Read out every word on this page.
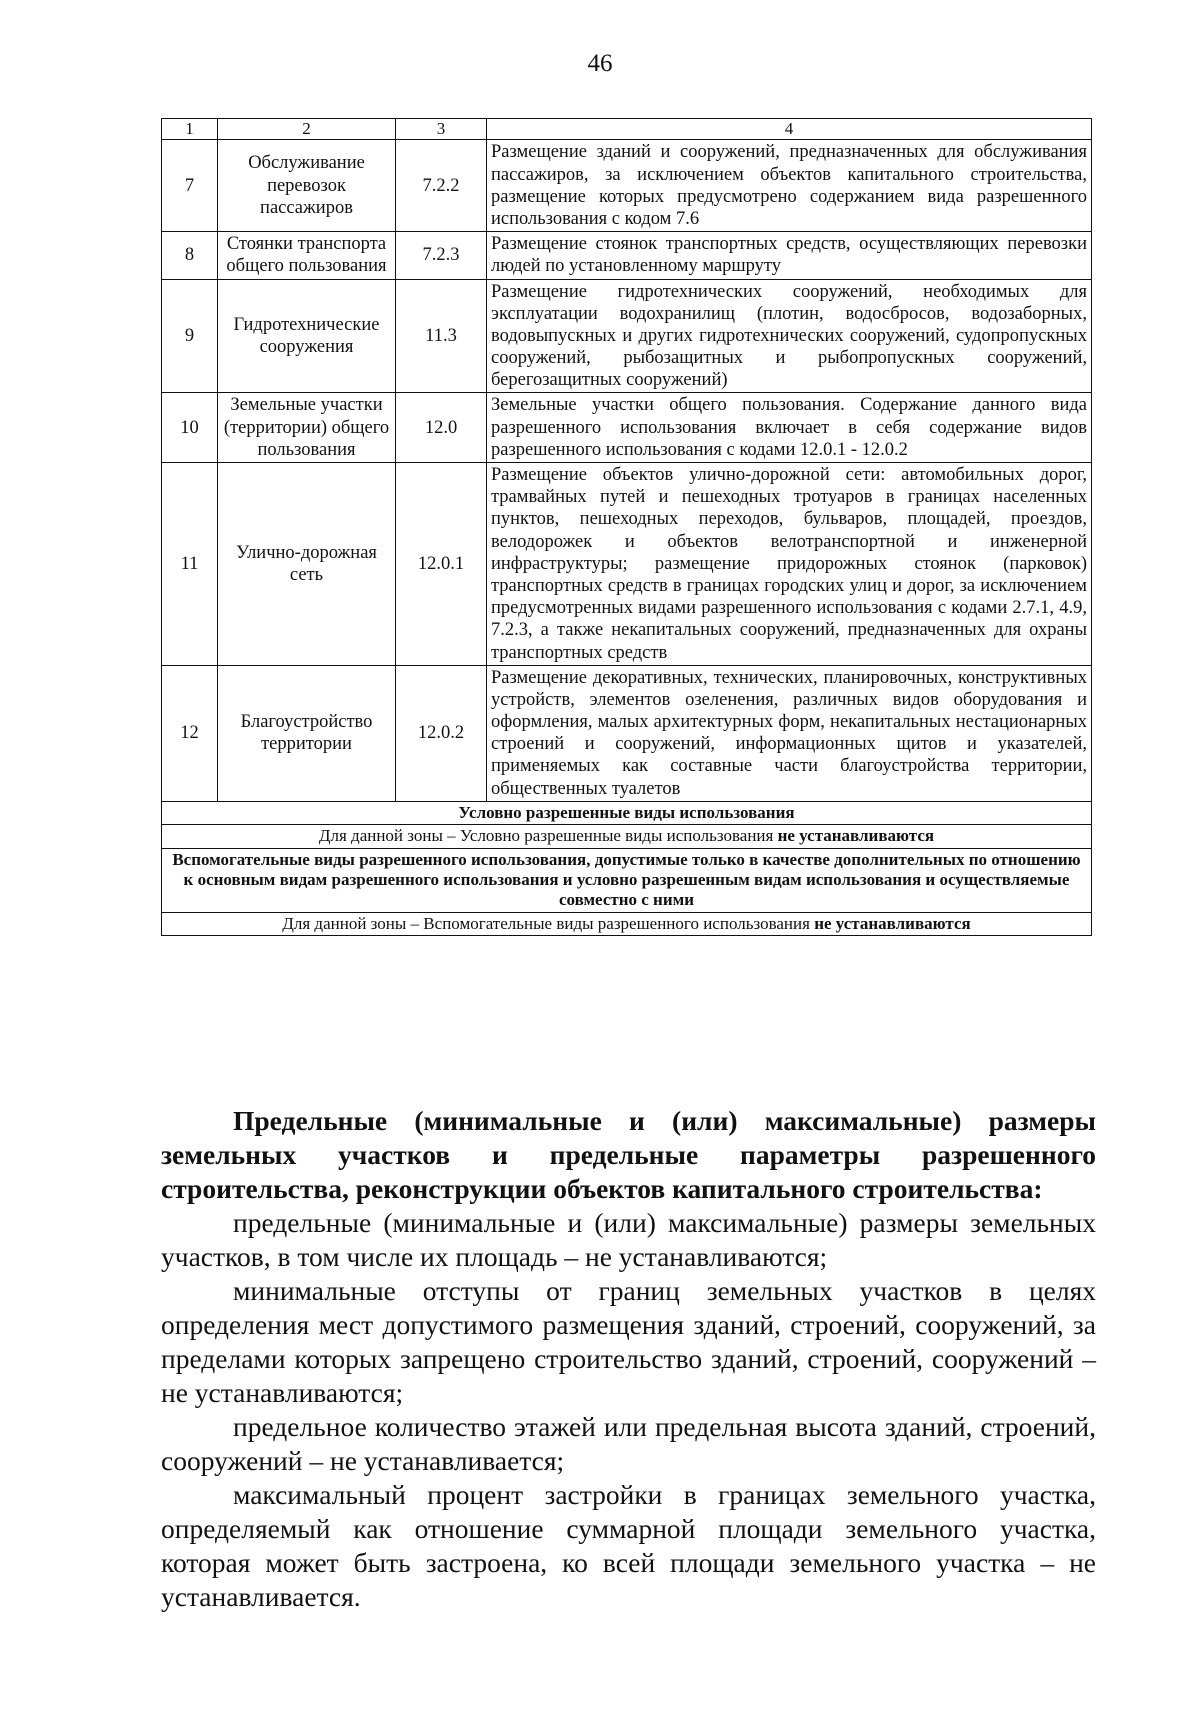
46
1	2	3	4
7	Обслуживание перевозок пассажиров	7.2.2	Размещение зданий и сооружений, предназначенных для обслуживания пассажиров, за исключением объектов капитального строительства, размещение которых предусмотрено содержанием вида разрешенного использования с кодом 7.6
8	Стоянки транспорта общего пользования	7.2.3	Размещение стоянок транспортных средств, осуществляющих перевозки людей по установленному маршруту
9	Гидротехнические сооружения	11.3	Размещение гидротехнических сооружений, необходимых для эксплуатации водохранилищ (плотин, водосбросов, водозаборных, водовыпускных и других гидротехнических сооружений, судопропускных сооружений, рыбозащитных и рыбопропускных сооружений, берегозащитных сооружений)
10	Земельные участки (территории) общего пользования	12.0	Земельные участки общего пользования. Содержание данного вида разрешенного использования включает в себя содержание видов разрешенного использования с кодами 12.0.1 - 12.0.2
11	Улично-дорожная сеть	12.0.1	Размещение объектов улично-дорожной сети: автомобильных дорог, трамвайных путей и пешеходных тротуаров в границах населенных пунктов, пешеходных переходов, бульваров, площадей, проездов, велодорожек и объектов велотранспортной и инженерной инфраструктуры; размещение придорожных стоянок (парковок) транспортных средств в границах городских улиц и дорог, за исключением предусмотренных видами разрешенного использования с кодами 2.7.1, 4.9, 7.2.3, а также некапитальных сооружений, предназначенных для охраны транспортных средств
12	Благоустройство территории	12.0.2	Размещение декоративных, технических, планировочных, конструктивных устройств, элементов озеленения, различных видов оборудования и оформления, малых архитектурных форм, некапитальных нестационарных строений и сооружений, информационных щитов и указателей, применяемых как составные части благоустройства территории, общественных туалетов
Условно разрешенные виды использования			
Для данной зоны – Условно разрешенные виды использования не устанавливаются			
Вспомогательные виды разрешенного использования, допустимые только в качестве дополнительных по отношению к основным видам разрешенного использования и условно разрешенным видам использования и осуществляемые совместно с ними			
Для данной зоны – Вспомогательные виды разрешенного использования не устанавливаются			
Предельные (минимальные и (или) максимальные) размеры земельных участков и предельные параметры разрешенного строительства, реконструкции объектов капитального строительства:

предельные (минимальные и (или) максимальные) размеры земельных участков, в том числе их площадь – не устанавливаются;

минимальные отступы от границ земельных участков в целях определения мест допустимого размещения зданий, строений, сооружений, за пределами которых запрещено строительство зданий, строений, сооружений – не устанавливаются;

предельное количество этажей или предельная высота зданий, строений, сооружений – не устанавливается;

максимальный процент застройки в границах земельного участка, определяемый как отношение суммарной площади земельного участка, которая может быть застроена, ко всей площади земельного участка – не устанавливается.
